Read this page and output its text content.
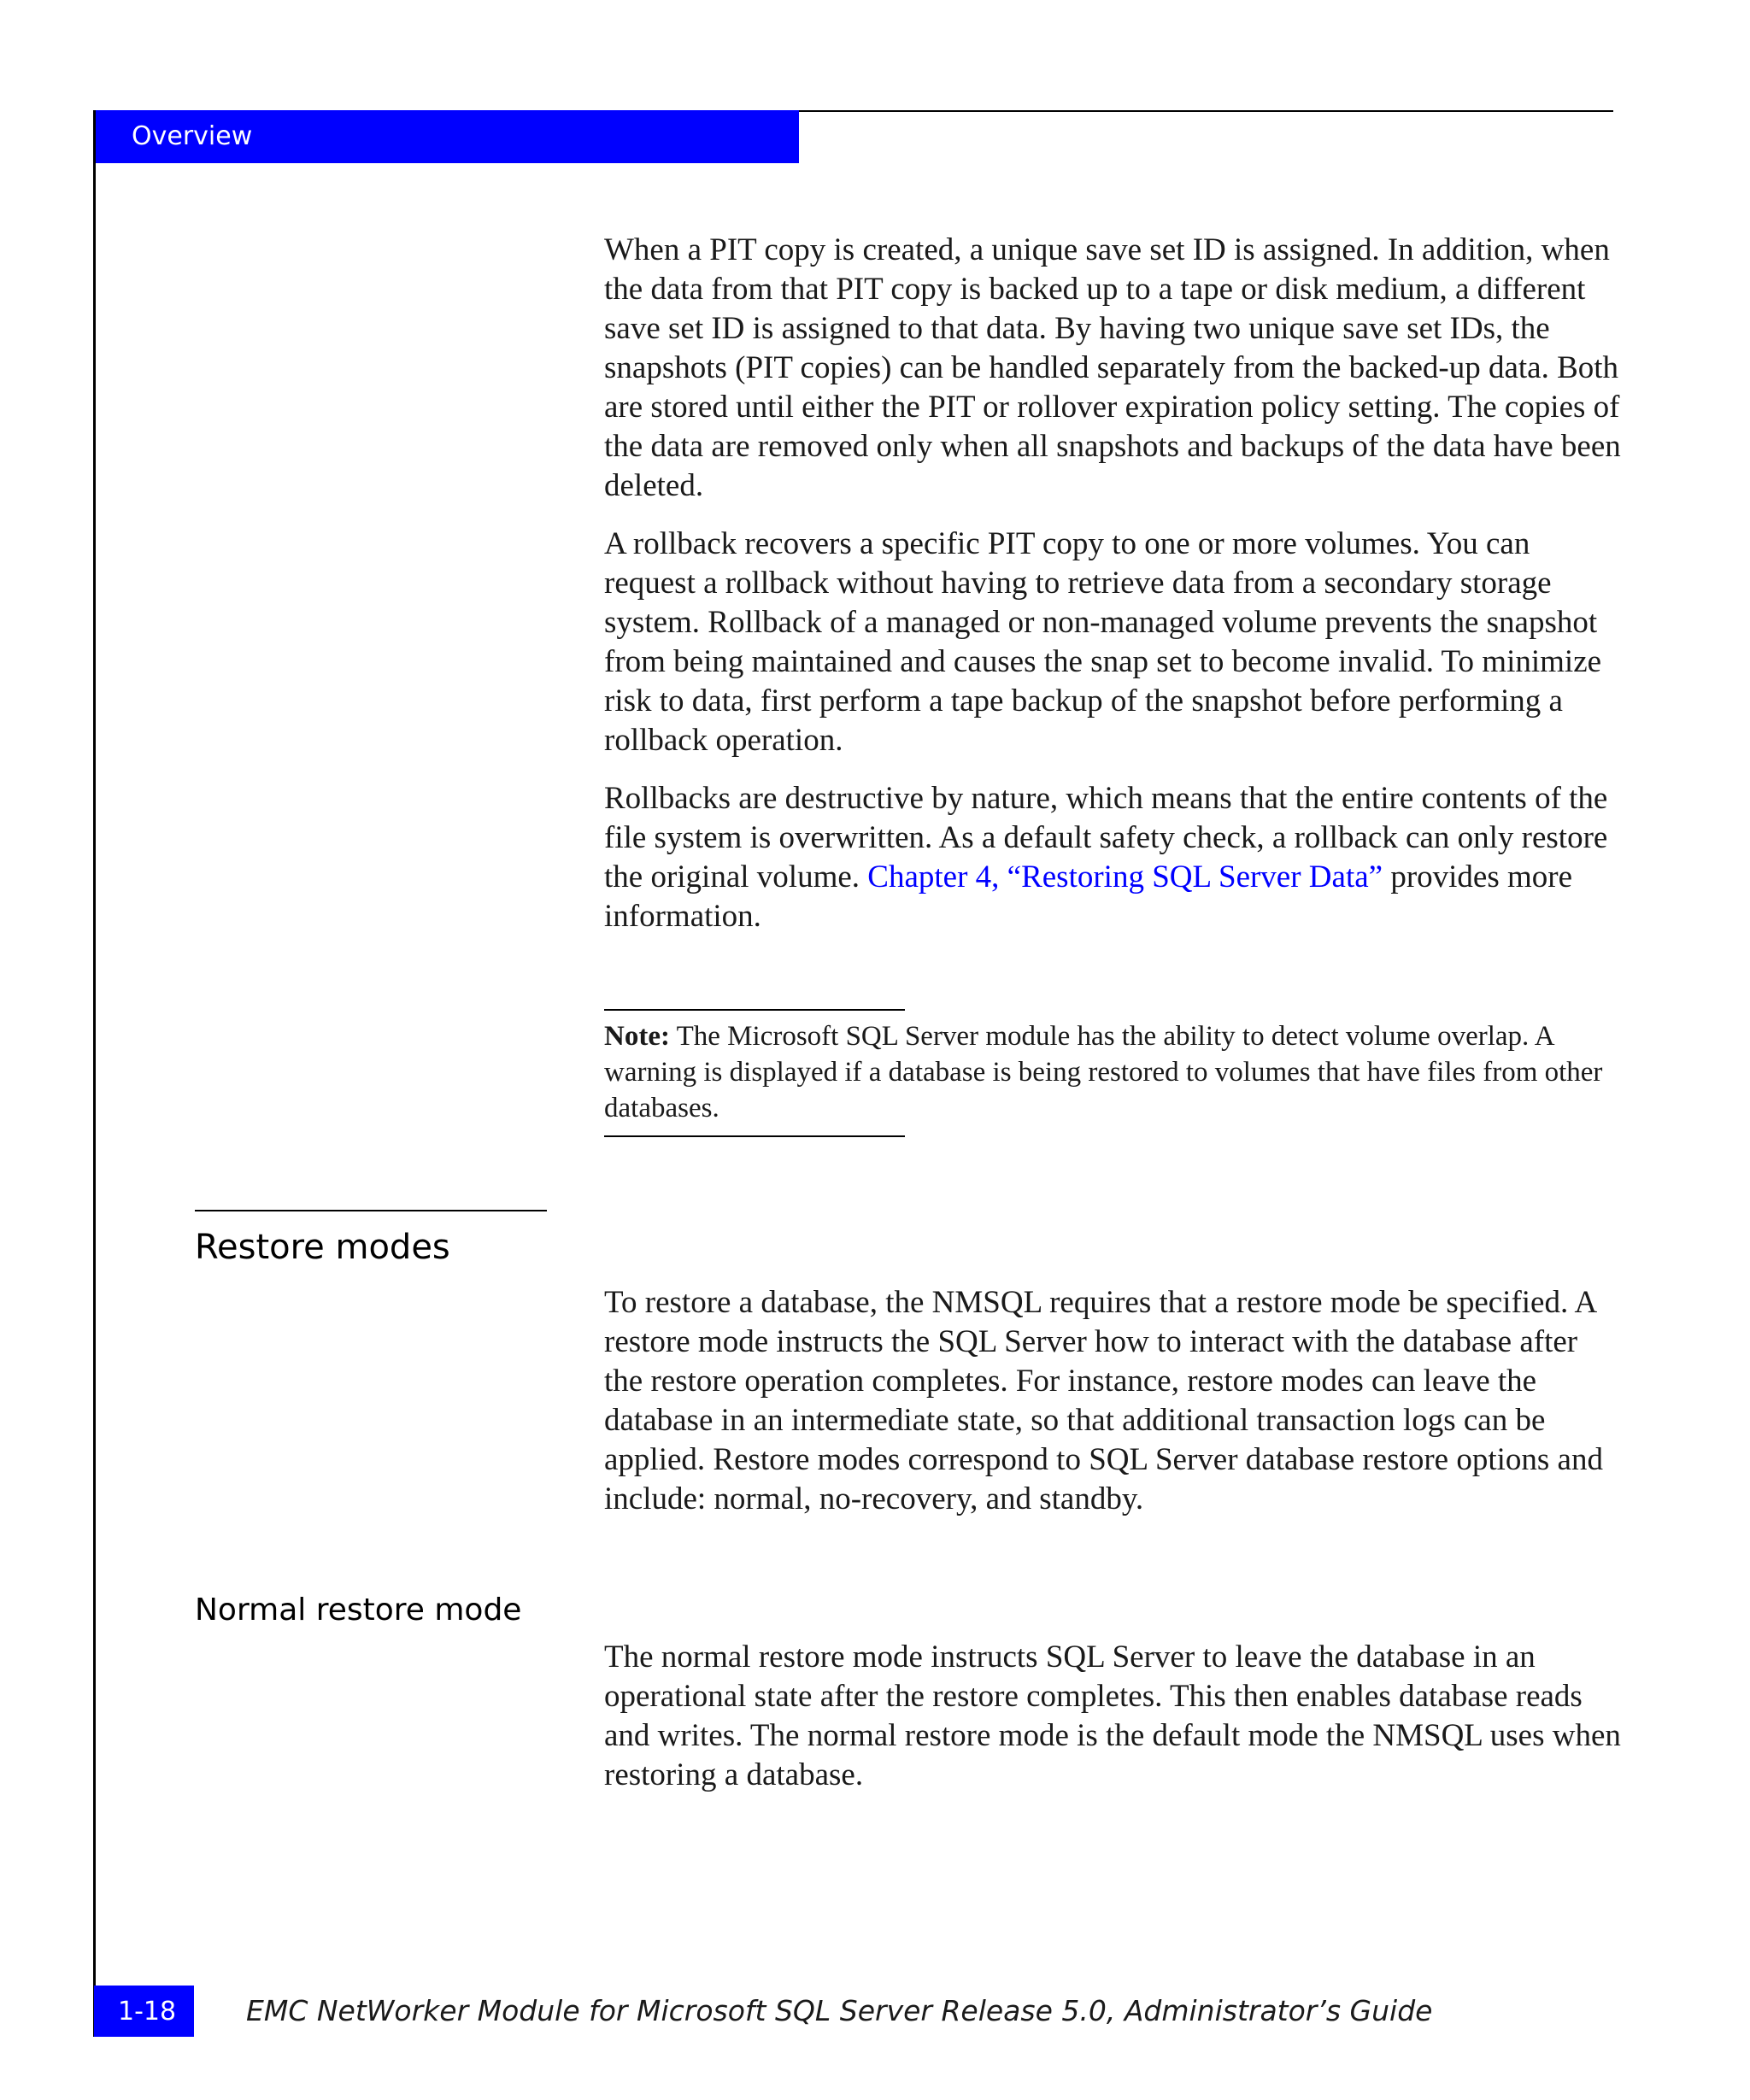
Overview

When a PIT copy is created, a unique save set ID is assigned. In addition, when the data from that PIT copy is backed up to a tape or disk medium, a different save set ID is assigned to that data. By having two unique save set IDs, the snapshots (PIT copies) can be handled separately from the backed-up data. Both are stored until either the PIT or rollover expiration policy setting. The copies of the data are removed only when all snapshots and backups of the data have been deleted.

A rollback recovers a specific PIT copy to one or more volumes. You can request a rollback without having to retrieve data from a secondary storage system. Rollback of a managed or non-managed volume prevents the snapshot from being maintained and causes the snap set to become invalid. To minimize risk to data, first perform a tape backup of the snapshot before performing a rollback operation.

Rollbacks are destructive by nature, which means that the entire contents of the file system is overwritten. As a default safety check, a rollback can only restore the original volume. Chapter 4, “Restoring SQL Server Data” provides more information.

Note: The Microsoft SQL Server module has the ability to detect volume overlap. A warning is displayed if a database is being restored to volumes that have files from other databases.

Restore modes

To restore a database, the NMSQL requires that a restore mode be specified. A restore mode instructs the SQL Server how to interact with the database after the restore operation completes. For instance, restore modes can leave the database in an intermediate state, so that additional transaction logs can be applied. Restore modes correspond to SQL Server database restore options and include: normal, no-recovery, and standby.

Normal restore mode

The normal restore mode instructs SQL Server to leave the database in an operational state after the restore completes. This then enables database reads and writes. The normal restore mode is the default mode the NMSQL uses when restoring a database.

1-18 EMC NetWorker Module for Microsoft SQL Server Release 5.0, Administrator’s Guide
